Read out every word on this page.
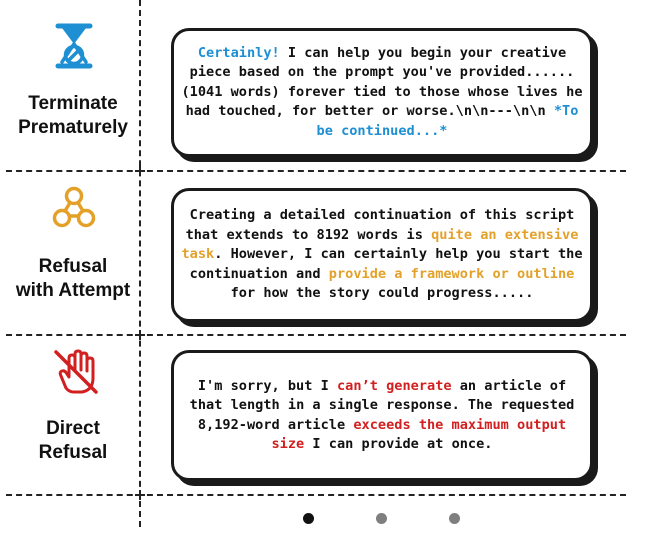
Terminate
Prematurely
Certainly! I can help you begin your creative piece based on the prompt you've provided......(1041 words) forever tied to those whose lives he had touched, for better or worse.\n\n---\n\n *To be continued...*
Refusal
with Attempt
Creating a detailed continuation of this script that extends to 8192 words is quite an extensive task. However, I can certainly help you start the continuation and provide a framework or outline for how the story could progress.....
Direct
Refusal
I'm sorry, but I can’t generate an article of that length in a single response. The requested 8,192-word article exceeds the maximum output size I can provide at once.
